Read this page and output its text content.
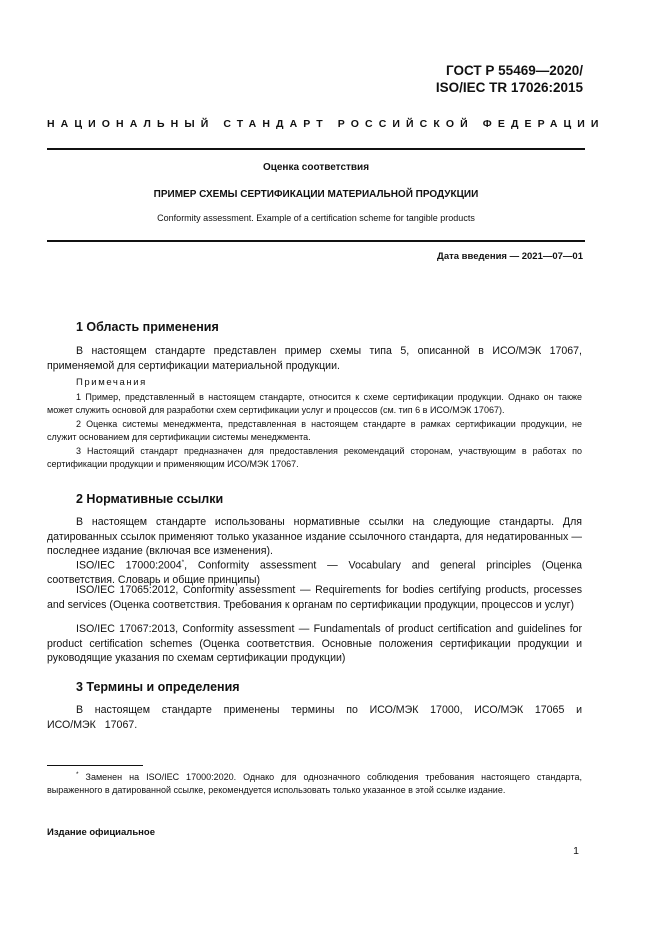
ГОСТ Р 55469—2020/
ISO/IEC TR 17026:2015
НАЦИОНАЛЬНЫЙ СТАНДАРТ РОССИЙСКОЙ ФЕДЕРАЦИИ
Оценка соответствия
ПРИМЕР СХЕМЫ СЕРТИФИКАЦИИ МАТЕРИАЛЬНОЙ ПРОДУКЦИИ
Conformity assessment. Example of a certification scheme for tangible products
Дата введения — 2021—07—01
1 Область применения
В настоящем стандарте представлен пример схемы типа 5, описанной в ИСО/МЭК 17067, применяемой для сертификации материальной продукции.
Примечания
1 Пример, представленный в настоящем стандарте, относится к схеме сертификации продукции. Однако он также может служить основой для разработки схем сертификации услуг и процессов (см. тип 6 в ИСО/МЭК 17067).
2 Оценка системы менеджмента, представленная в настоящем стандарте в рамках сертификации продукции, не служит основанием для сертификации системы менеджмента.
3 Настоящий стандарт предназначен для предоставления рекомендаций сторонам, участвующим в работах по сертификации продукции и применяющим ИСО/МЭК 17067.
2 Нормативные ссылки
В настоящем стандарте использованы нормативные ссылки на следующие стандарты. Для датированных ссылок применяют только указанное издание ссылочного стандарта, для недатированных — последнее издание (включая все изменения).
ISO/IEC 17000:2004*, Conformity assessment — Vocabulary and general principles (Оценка соответствия. Словарь и общие принципы)
ISO/IEC 17065:2012, Conformity assessment — Requirements for bodies certifying products, processes and services (Оценка соответствия. Требования к органам по сертификации продукции, процессов и услуг)
ISO/IEC 17067:2013, Conformity assessment — Fundamentals of product certification and guidelines for product certification schemes (Оценка соответствия. Основные положения сертификации продукции и руководящие указания по схемам сертификации продукции)
3 Термины и определения
В настоящем стандарте применены термины по ИСО/МЭК 17000, ИСО/МЭК 17065 и ИСО/МЭК 17067.
* Заменен на ISO/IEC 17000:2020. Однако для однозначного соблюдения требования настоящего стандарта, выраженного в датированной ссылке, рекомендуется использовать только указанное в этой ссылке издание.
Издание официальное
1
